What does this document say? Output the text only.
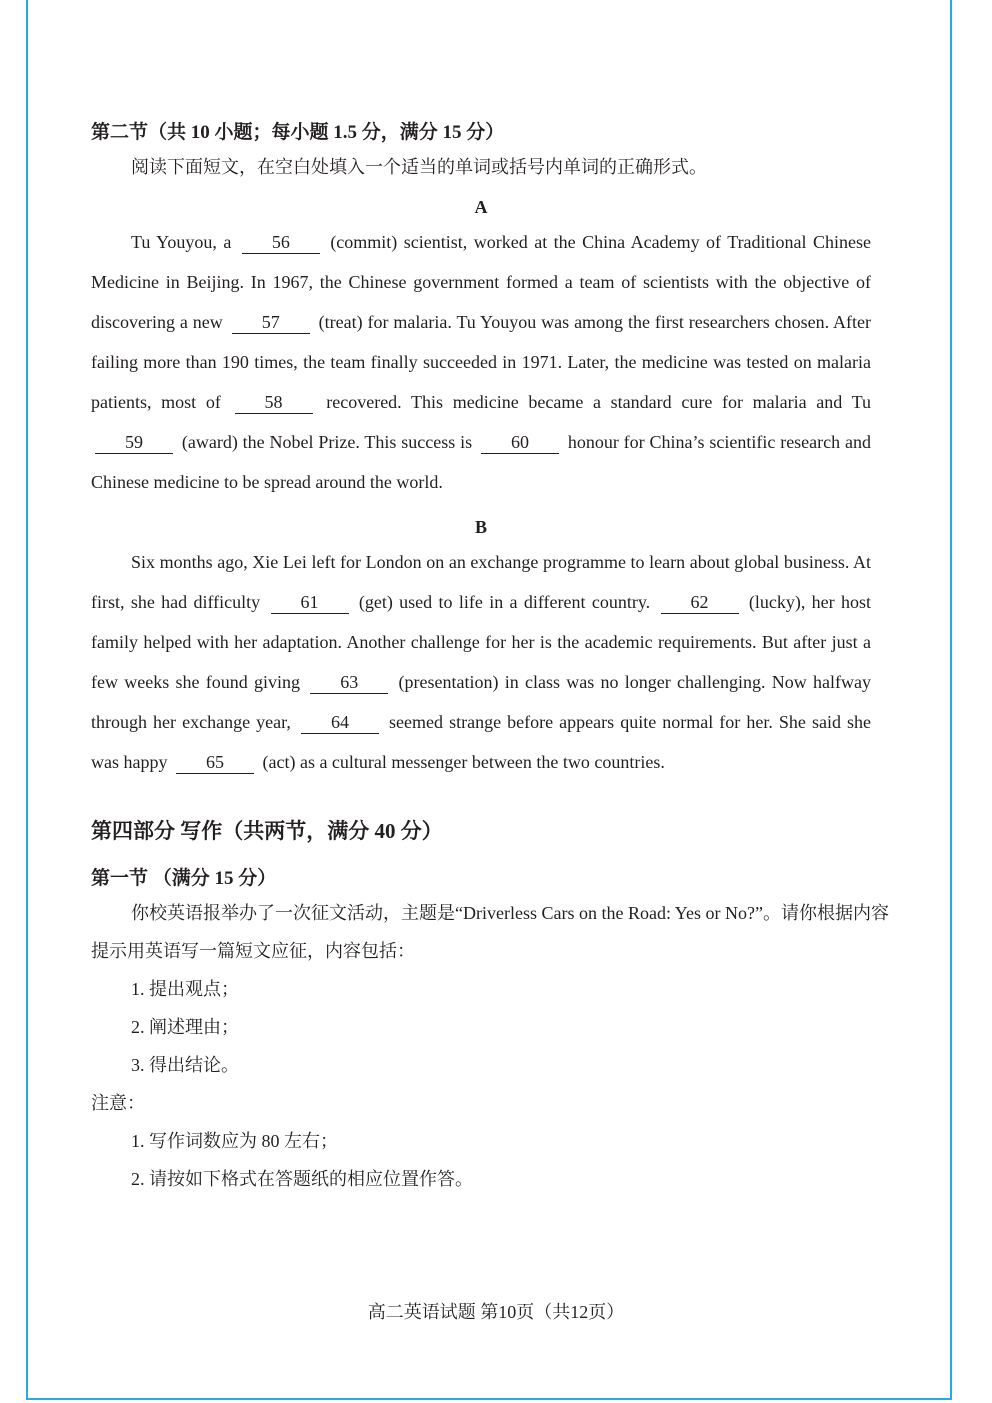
第二节（共 10 小题；每小题 1.5 分，满分 15 分）

阅读下面短文，在空白处填入一个适当的单词或括号内单词的正确形式。

A

Tu Youyou, a 56 (commit) scientist, worked at the China Academy of Traditional Chinese Medicine in Beijing. In 1967, the Chinese government formed a team of scientists with the objective of discovering a new 57 (treat) for malaria. Tu Youyou was among the first researchers chosen. After failing more than 190 times, the team finally succeeded in 1971. Later, the medicine was tested on malaria patients, most of 58 recovered. This medicine became a standard cure for malaria and Tu 59 (award) the Nobel Prize. This success is 60 honour for China’s scientific research and Chinese medicine to be spread around the world.

B

Six months ago, Xie Lei left for London on an exchange programme to learn about global business. At first, she had difficulty 61 (get) used to life in a different country. 62 (lucky), her host family helped with her adaptation. Another challenge for her is the academic requirements. But after just a few weeks she found giving 63 (presentation) in class was no longer challenging. Now halfway through her exchange year, 64 seemed strange before appears quite normal for her. She said she was happy 65 (act) as a cultural messenger between the two countries.

第四部分 写作（共两节，满分 40 分）

第一节 （满分 15 分）

你校英语报举办了一次征文活动，主题是“Driverless Cars on the Road: Yes or No?”。请你根据内容提示用英语写一篇短文应征，内容包括：

1. 提出观点；

2. 阐述理由；

3. 得出结论。

注意：

1. 写作词数应为 80 左右；

2. 请按如下格式在答题纸的相应位置作答。

高二英语试题 第10页（共12页）
